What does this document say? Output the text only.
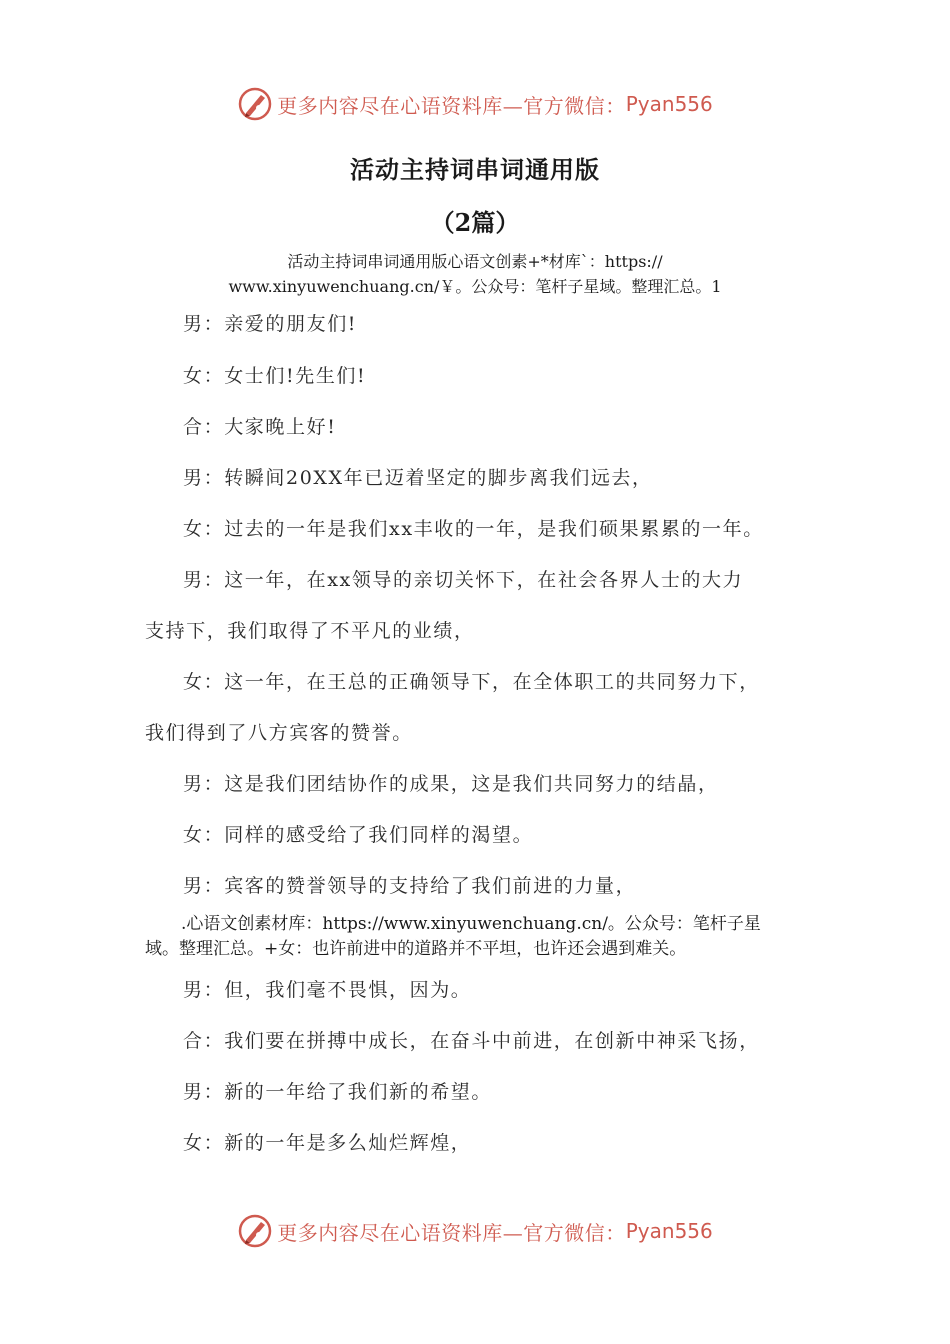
更多内容尽在心语资料库—官方微信： Pyan556
活动主持词串词通用版
（2篇）
活动主持词串词通用版心语文创素+*材库`：https://
www.xinyuwenchuang.cn/￥。公众号：笔杆子星域。整理汇总。1
男：亲爱的朋友们!
女：女士们!先生们!
合：大家晚上好!
男：转瞬间20XX年已迈着坚定的脚步离我们远去，
女：过去的一年是我们xx丰收的一年，是我们硕果累累的一年。
男：这一年，在xx领导的亲切关怀下，在社会各界人士的大力
支持下，我们取得了不平凡的业绩，
女：这一年，在王总的正确领导下，在全体职工的共同努力下，
我们得到了八方宾客的赞誉。
男：这是我们团结协作的成果，这是我们共同努力的结晶，
女：同样的感受给了我们同样的渴望。
男：宾客的赞誉领导的支持给了我们前进的力量，
.心语文创素材库：https://www.xinyuwenchuang.cn/。公众号：笔杆子星
域。整理汇总。+女：也许前进中的道路并不平坦，也许还会遇到难关。
男：但，我们毫不畏惧，因为。
合：我们要在拼搏中成长，在奋斗中前进，在创新中神采飞扬，
男：新的一年给了我们新的希望。
女：新的一年是多么灿烂辉煌，
更多内容尽在心语资料库—官方微信： Pyan556
